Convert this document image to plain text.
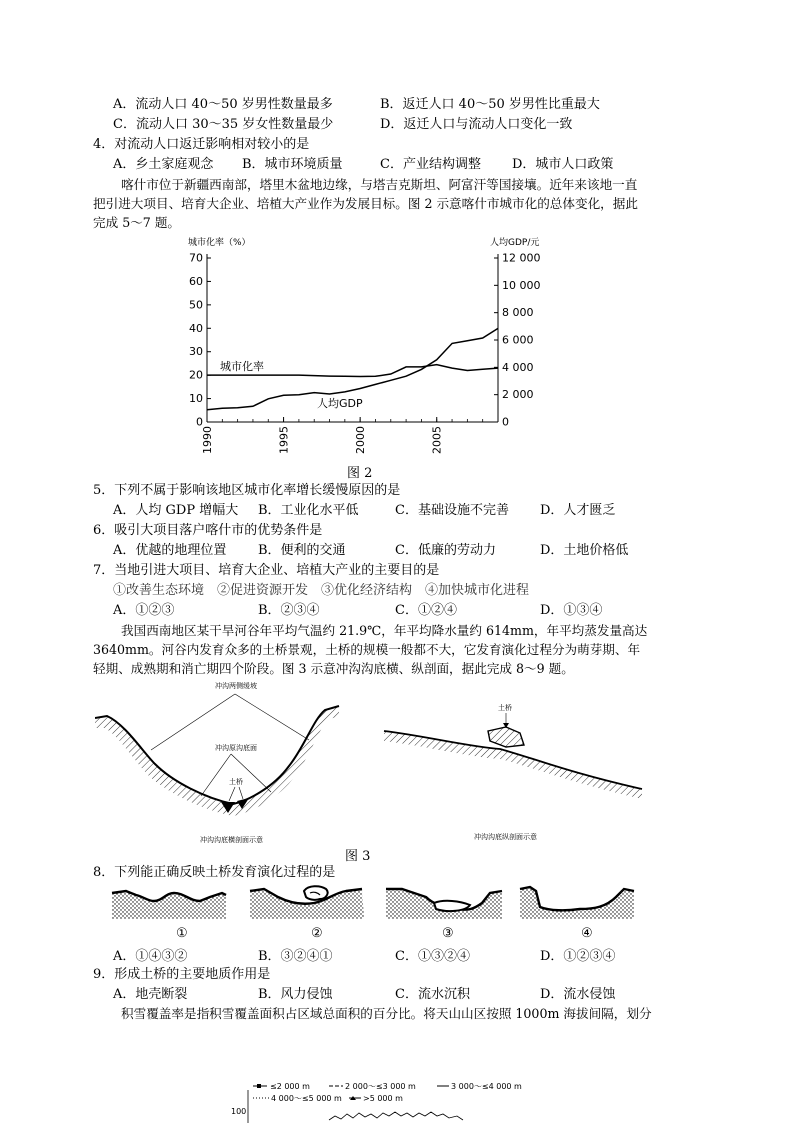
A．流动人口 40～50 岁男性数量最多	B．返迁人口 40～50 岁男性比重最大
C．流动人口 30～35 岁女性数量最少	D．返迁人口与流动人口变化一致
4．对流动人口返迁影响相对较小的是
A．乡土家庭观念 B．城市环境质量	C．产业结构调整 D．城市人口政策
喀什市位于新疆西南部，塔里木盆地边缘，与塔吉克斯坦、阿富汗等国接壤。近年来该地一直
把引进大项目、培育大企业、培植大产业作为发展目标。图 2 示意喀什市城市化的总体变化，据此
完成 5～7 题。
城市化率（%）	人均GDP/元
0
10
20
30
40
50
60
70
0
2 000
4 000
6 000
8 000
10 000
12 000
1990	1995	2000	2005
城市化率
人均GDP
图 2
5．下列不属于影响该地区城市化率增长缓慢原因的是
A．人均 GDP 增幅大 B．工业化水平低	C．基础设施不完善 D．人才匮乏
6．吸引大项目落户喀什市的优势条件是
A．优越的地理位置 B．便利的交通	C．低廉的劳动力	D．土地价格低
7．当地引进大项目、培育大企业、培植大产业的主要目的是
①改善生态环境　②促进资源开发　③优化经济结构　④加快城市化进程
A．①②③	B．②③④	C．①②④	D．①③④
我国西南地区某干旱河谷年平均气温约 21.9℃，年平均降水量约 614mm，年平均蒸发量高达
3640mm。河谷内发育众多的土桥景观，土桥的规模一般都不大，它发育演化过程分为萌芽期、年
轻期、成熟期和消亡期四个阶段。图 3 示意冲沟沟底横、纵剖面，据此完成 8～9 题。
冲沟两侧缓坡
冲沟原沟底面
土桥
冲沟沟底横剖面示意
土桥
冲沟沟底纵剖面示意
图 3
8．下列能正确反映土桥发育演化过程的是
①	②	③	④
A．①④③②	B．③②④①	C．①③②④	D．①②③④
9．形成土桥的主要地质作用是
A．地壳断裂	B．风力侵蚀	C．流水沉积	D．流水侵蚀
积雪覆盖率是指积雪覆盖面积占区域总面积的百分比。将天山山区按照 1000m 海拔间隔，划分
≤2 000 m	2 000～≤3 000 m	3 000～≤4 000 m
4 000～≤5 000 m	>5 000 m
100
